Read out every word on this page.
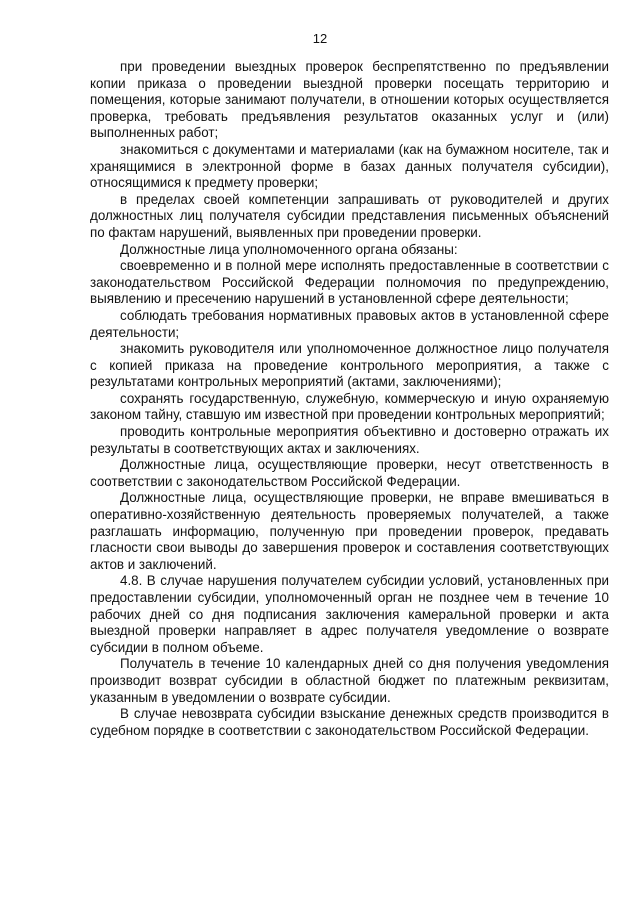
12

при проведении выездных проверок беспрепятственно по предъявлении копии приказа о проведении выездной проверки посещать территорию и помещения, которые занимают получатели, в отношении которых осуществляется проверка, требовать предъявления результатов оказанных услуг и (или) выполненных работ;

знакомиться с документами и материалами (как на бумажном носителе, так и хранящимися в электронной форме в базах данных получателя субсидии), относящимися к предмету проверки;

в пределах своей компетенции запрашивать от руководителей и других должностных лиц получателя субсидии представления письменных объяснений по фактам нарушений, выявленных при проведении проверки.

Должностные лица уполномоченного органа обязаны:

своевременно и в полной мере исполнять предоставленные в соответствии с законодательством Российской Федерации полномочия по предупреждению, выявлению и пресечению нарушений в установленной сфере деятельности;

соблюдать требования нормативных правовых актов в установленной сфере деятельности;

знакомить руководителя или уполномоченное должностное лицо получателя с копией приказа на проведение контрольного мероприятия, а также с результатами контрольных мероприятий (актами, заключениями);

сохранять государственную, служебную, коммерческую и иную охраняемую законом тайну, ставшую им известной при проведении контрольных мероприятий;

проводить контрольные мероприятия объективно и достоверно отражать их результаты в соответствующих актах и заключениях.

Должностные лица, осуществляющие проверки, несут ответственность в соответствии с законодательством Российской Федерации.

Должностные лица, осуществляющие проверки, не вправе вмешиваться в оперативно-хозяйственную деятельность проверяемых получателей, а также разглашать информацию, полученную при проведении проверок, предавать гласности свои выводы до завершения проверок и составления соответствующих актов и заключений.

4.8. В случае нарушения получателем субсидии условий, установленных при предоставлении субсидии, уполномоченный орган не позднее чем в течение 10 рабочих дней со дня подписания заключения камеральной проверки и акта выездной проверки направляет в адрес получателя уведомление о возврате субсидии в полном объеме.

Получатель в течение 10 календарных дней со дня получения уведомления производит возврат субсидии в областной бюджет по платежным реквизитам, указанным в уведомлении о возврате субсидии.

В случае невозврата субсидии взыскание денежных средств производится в судебном порядке в соответствии с законодательством Российской Федерации.
